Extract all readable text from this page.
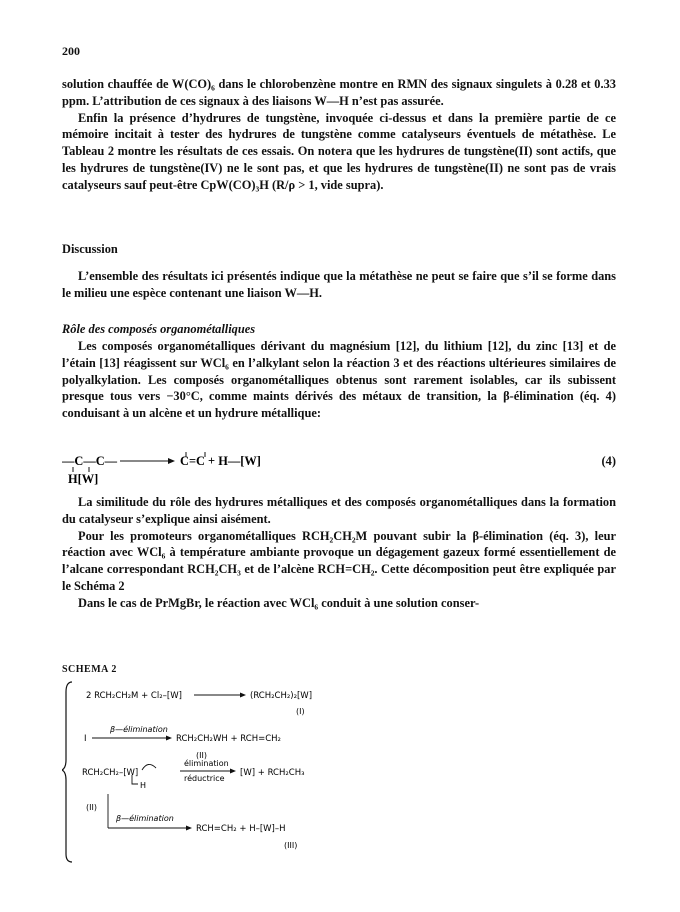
200

solution chauffée de W(CO)₆ dans le chlorobenzène montre en RMN des signaux singulets à 0.28 et 0.33 ppm. L’attribution de ces signaux à des liaisons W—H n’est pas assurée.

Enfin la présence d’hydrures de tungstène, invoquée ci-dessus et dans la première partie de ce mémoire incitait à tester des hydrures de tungstène comme catalyseurs éventuels de métathèse. Le Tableau 2 montre les résultats de ces essais. On notera que les hydrures de tungstène(II) sont actifs, que les hydrures de tungstène(IV) ne le sont pas, et que les hydrures de tungstène(II) ne sont pas de vrais catalyseurs sauf peut-être CpW(CO)₃H (R/ρ > 1, vide supra).

Discussion

L’ensemble des résultats ici présentés indique que la métathèse ne peut se faire que s’il se forme dans le milieu une espèce contenant une liaison W—H.

Rôle des composés organométalliques

Les composés organométalliques dérivant du magnésium [12], du lithium [12], du zinc [13] et de l’étain [13] réagissent sur WCl₆ en l’alkylant selon la réaction 3 et des réactions ultérieures similaires de polyalkylation. Les composés organométalliques obtenus sont rarement isolables, car ils subissent presque tous vers −30°C, comme maints dérivés des métaux de transition, la β-élimination (éq. 4) conduisant à un alcène et un hydrure métallique:

—C—C—
H[W]
C=C + H—[W]	(4)

La similitude du rôle des hydrures métalliques et des composés organométalliques dans la formation du catalyseur s’explique ainsi aisément.

Pour les promoteurs organométalliques RCH₂CH₂M pouvant subir la β-élimination (éq. 3), leur réaction avec WCl₆ à température ambiante provoque un dégagement gazeux formé essentiellement de l’alcane correspondant RCH₂CH₃ et de l’alcène RCH=CH₂. Cette décomposition peut être expliquée par le Schéma 2

Dans le cas de PrMgBr, le réaction avec WCl₆ conduit à une solution conser-

SCHEMA 2
2 RCH₂CH₂M + Cl₂–[W]	(RCH₂CH₂)₂[W]
(I)
I
β—élimination
RCH₂CH₂WH + RCH=CH₂
(II)
RCH₂CH₂–[W]
H
élimination
réductrice
[W] + RCH₂CH₃
(II)
β—élimination
RCH=CH₂ + H–[W]–H
(III)
